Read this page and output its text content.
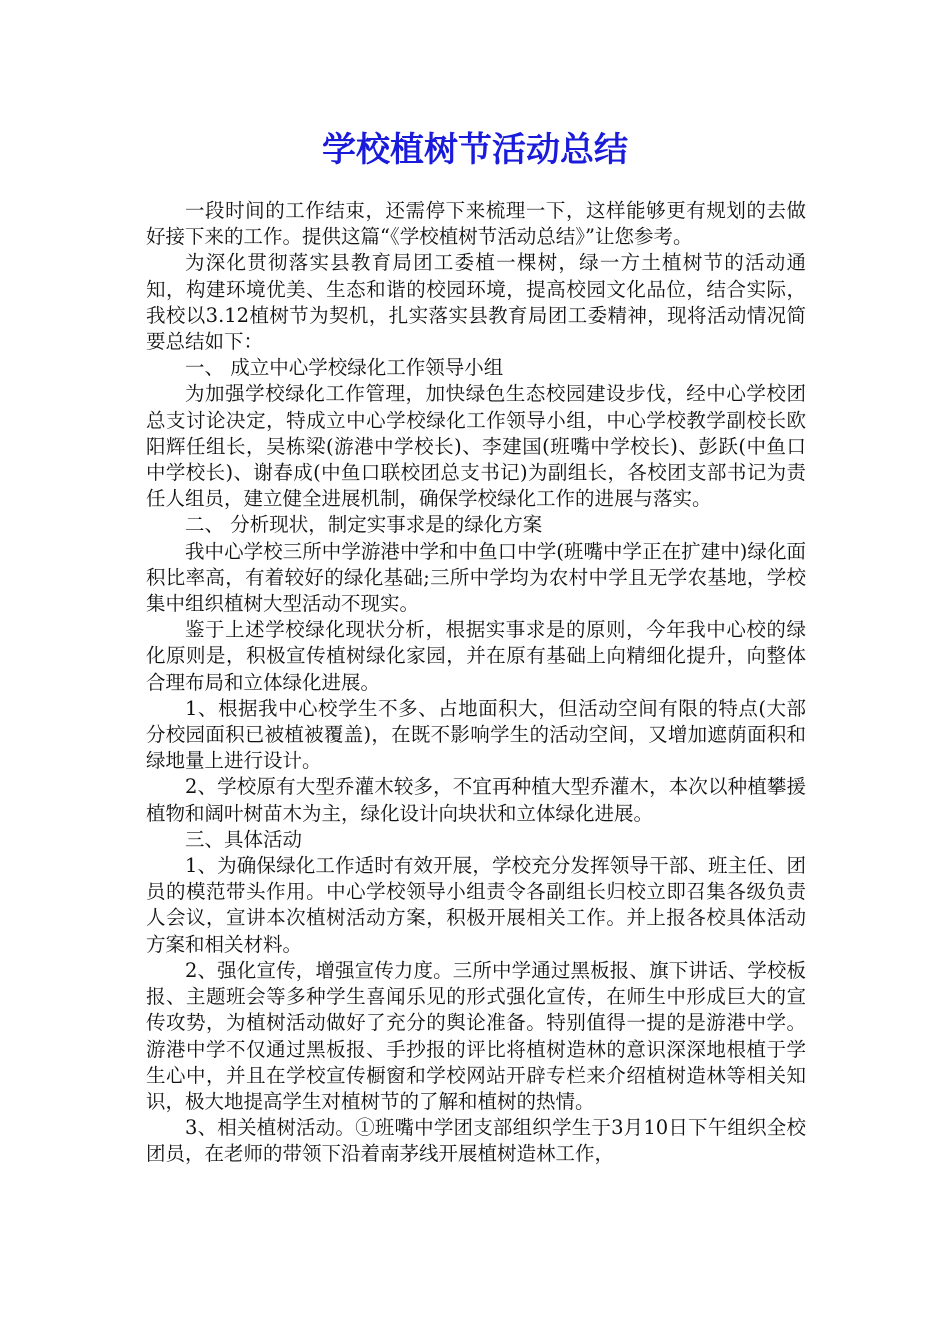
学校植树节活动总结

一段时间的工作结束，还需停下来梳理一下，这样能够更有规划的去做好接下来的工作。提供这篇“《学校植树节活动总结》”让您参考。

为深化贯彻落实县教育局团工委植一棵树，绿一方土植树节的活动通知，构建环境优美、生态和谐的校园环境，提高校园文化品位，结合实际，我校以3.12植树节为契机，扎实落实县教育局团工委精神，现将活动情况简要总结如下：

一、 成立中心学校绿化工作领导小组

为加强学校绿化工作管理，加快绿色生态校园建设步伐，经中心学校团总支讨论决定，特成立中心学校绿化工作领导小组，中心学校教学副校长欧阳辉任组长，吴栋梁(游港中学校长)、李建国(班嘴中学校长)、彭跃(中鱼口中学校长)、谢春成(中鱼口联校团总支书记)为副组长，各校团支部书记为责任人组员，建立健全进展机制，确保学校绿化工作的进展与落实。

二、 分析现状，制定实事求是的绿化方案

我中心学校三所中学游港中学和中鱼口中学(班嘴中学正在扩建中)绿化面积比率高，有着较好的绿化基础;三所中学均为农村中学且无学农基地，学校集中组织植树大型活动不现实。

鉴于上述学校绿化现状分析，根据实事求是的原则，今年我中心校的绿化原则是，积极宣传植树绿化家园，并在原有基础上向精细化提升，向整体合理布局和立体绿化进展。

1、根据我中心校学生不多、占地面积大，但活动空间有限的特点(大部分校园面积已被植被覆盖)，在既不影响学生的活动空间，又增加遮荫面积和绿地量上进行设计。

2、学校原有大型乔灌木较多，不宜再种植大型乔灌木，本次以种植攀援植物和阔叶树苗木为主，绿化设计向块状和立体绿化进展。

三、具体活动

1、为确保绿化工作适时有效开展，学校充分发挥领导干部、班主任、团员的模范带头作用。中心学校领导小组责令各副组长归校立即召集各级负责人会议，宣讲本次植树活动方案，积极开展相关工作。并上报各校具体活动方案和相关材料。

2、强化宣传，增强宣传力度。三所中学通过黑板报、旗下讲话、学校板报、主题班会等多种学生喜闻乐见的形式强化宣传，在师生中形成巨大的宣传攻势，为植树活动做好了充分的舆论准备。特别值得一提的是游港中学。游港中学不仅通过黑板报、手抄报的评比将植树造林的意识深深地根植于学生心中，并且在学校宣传橱窗和学校网站开辟专栏来介绍植树造林等相关知识，极大地提高学生对植树节的了解和植树的热情。

3、相关植树活动。①班嘴中学团支部组织学生于3月10日下午组织全校团员，在老师的带领下沿着南茅线开展植树造林工作，
